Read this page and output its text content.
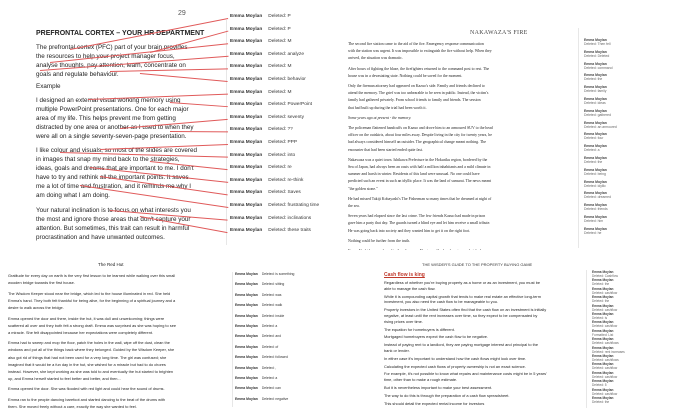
29
PREFRONTAL CORTEX – YOUR HR DEPARTMENT
The prefrontal cortex (PFC) part of your brain provides
the resources to help your project manager focus,
analyse thoughts, pay attention, learn, concentrate on
goals and regulate behaviour.
Example
I designed an external visual working memory using
multiple PowerPoint presentations. One for each major
area of my life. This helps prevent me from getting
distracted by one area or another as I used to when they
were all on a single seventy-seven-page presentation.
I like colour and visuals, so most of the slides are covered
in images that snap my mind back to the strategies,
ideas, goals and dreams that are important to me. I don't
have to try and rethink all the important points. It saves
me a lot of time and frustration, and it reminds me why I
am doing what I am doing.
Your natural inclination is to focus on what interests you
the most and ignore those areas that don't capture your
attention. But sometimes, this trait can result in harmful
procrastination and have unwanted outcomes.
Emma Moylan Deleted: P
Emma Moylan Deleted: P
Emma Moylan Deleted: M
Emma Moylan Deleted: analyze
Emma Moylan Deleted: M
Emma Moylan Deleted: behavior
Emma Moylan Deleted: M
Emma Moylan Deleted: PowerPoint
Emma Moylan Deleted: seventy
Emma Moylan Deleted: ??
Emma Moylan Deleted: PPP
Emma Moylan Deleted: into
Emma Moylan Deleted: re
Emma Moylan Deleted: re-think
Emma Moylan Deleted: Saves
Emma Moylan Deleted: frustrating time
Emma Moylan Deleted: inclinations
Emma Moylan Deleted: these traits
NAKAWAZA'S FIRE
The second fire station came to the aid of the fire. Emergency response communication
with the station was urgent. It was impossible to extinguish the fire without help. When they
arrived, the situation was dramatic.
After hours of fighting the blaze, the firefighters returned to the command post to rest. The
house was in a devastating state. Nothing could be saved for the moment.
Only the fireman attorney had appeared on Kazuo's side. Family and friends declined to
attend the memory. The grief was too unbearable to be seen in public. Instead, the victim's
family had gathered privately. From school friends to family and friends. The session
that had built up during the trial had been worth it.
Some years ago at present - the memory.
The policeman flattened handcuffs on Kazuo and drove him to an armoured SUV to the head
officer on the outskirts, about four miles away. Despite living in the city for twenty years, he
had always considered himself an outsider. The geographical change meant nothing. The
encounter that had been started ended quite fast.
Nakawaza was a quiet town. Ishikawa Prefecture in the Hokuriku region, bordered by the
Sea of Japan, had always been an oasis with half a million inhabitants and a mild climate in
summer and harsh in winter. Residents of this land were unusual. No one could have
predicted such an event in such an idyllic place. It was the land of samurai. The news meant
"the golden stone."
He had missed Takiji Kobayashi's The Fisherman so many times that he dreamed at night of
the sea.
Seven years had elapsed since the last crime. The few friends Kazuo had made in prison
gave him a party that day. The guards turned a blind eye and let him receive a small tribute.
He was going back into society and they wanted him to get it on the right foot.
Nothing could be further from the truth.
Emma Moylan
Deleted: Then fell
Emma Moylan
Deleted: Deleted
Emma Moylan
Deleted: command
Emma Moylan
Deleted: the
Emma Moylan
Deleted: family
Emma Moylan
Deleted: ideas
Emma Moylan
Deleted: gathered
Emma Moylan
Deleted: an armoured
Emma Moylan
Deleted: four
Emma Moylan
Deleted: a
Emma Moylan
Deleted: the
Emma Moylan
Deleted: being
Emma Moylan
Deleted: idyllic
Emma Moylan
Deleted: dreamed
Emma Moylan
Deleted: friends
Emma Moylan
Deleted: him
Emma Moylan
Deleted: he
The Red Hut
Gratitude for every day on earth is the very first lesson to be learned while walking over this small
wooden bridge towards the first house.
The Wisdom Keeper stood near the bridge, which led to the house illuminated in red. She held
Emma's hand. They both felt thankful for being alive, for the beginning of a spiritual journey and a
desire to walk across the bridge.
Emma opened the door and there, inside the hut, it was dull and unwelcoming; things were
scattered all over and they both felt a strong draft. Emma was surprised as she was hoping to see
a miracle. She felt disappointed because her expectations were completely different.
Emma had to sweep and mop the floor, patch the holes in the wall, wipe off the dust, clean the
windows and put all of the things back where they belonged. Guided by the Wisdom Keeper, she
also got rid of things that had not been used for a very long time. The girl was confused; she
imagined that it would be a fun day in the hut, she wished for a miracle but had to do chores
instead. However, she kept working as she was told to and eventually the hut started to brighten
up, and Emma herself started to feel better and better, and then...
Emma opened the door. She was flooded with red light and could hear the sound of drums.
Emma ran to the people dancing barefoot and started dancing to the beat of the drums with
them. She moved freely without a care, exactly the way she wanted to feel.
Emma Moylan Deleted: is something
Emma Moylan Deleted: sitting
Emma Moylan Deleted: was
Emma Moylan Deleted: walk
Emma Moylan Deleted: inside
Emma Moylan Deleted: a
Emma Moylan Deleted: and
Emma Moylan Deleted: of
Emma Moylan Deleted: followed
Emma Moylan Deleted: ,
Emma Moylan Deleted: a
Emma Moylan Deleted: can
Emma Moylan Deleted: negative
THE WISDER'S GUIDE TO THE PROPERTY BUYING GAME
Cash flow is king
Regardless of whether you're buying property as a home or as an investment, you must be
able to manage the cash flow.
While it is compounding capital growth that tends to make real estate an effective long-term
investment, you also need the cash flow to be manageable to you.
Property investors in the United States often find that the cash flow on an investment is initially
negative, at least until the rent increases over time, so they expect to be compensated by
rising prices over time.
The equation for homebuyers is different.
Mortgaged homebuyers expect the cash flow to be negative.
Instead of paying rent to a landlord, they are paying mortgage interest and principal to the
bank or lender.
In either case it's important to understand how the cash flows might look over time.
Calculating the expected cash flows of property ownership is not an exact science.
For example, it's not possible to know what repairs and maintenance costs might be in 5 years'
time, other than to make a rough estimate.
But it is nevertheless important to make your best assessment.
The way to do this is through the preparation of a cash flow spreadsheet.
This should detail the expected rental income for investors
Emma Moylan
Deleted: Cashflow
Emma Moylan
Deleted: the
Emma Moylan
Deleted: cashflow
Emma Moylan
Deleted: the
Emma Moylan
Deleted: cashflow
Emma Moylan
Deleted: is
Emma Moylan
Deleted: cashflow
Emma Moylan
Formatted: List
Emma Moylan
Deleted: cashflows
Emma Moylan
Deleted: rent increases
Emma Moylan
Deleted: cashflows
Emma Moylan
Deleted: cashflow
Emma Moylan
Deleted: cashflow
Emma Moylan
Deleted: 5
Emma Moylan
Deleted: cashflow
Emma Moylan
Deleted: the
